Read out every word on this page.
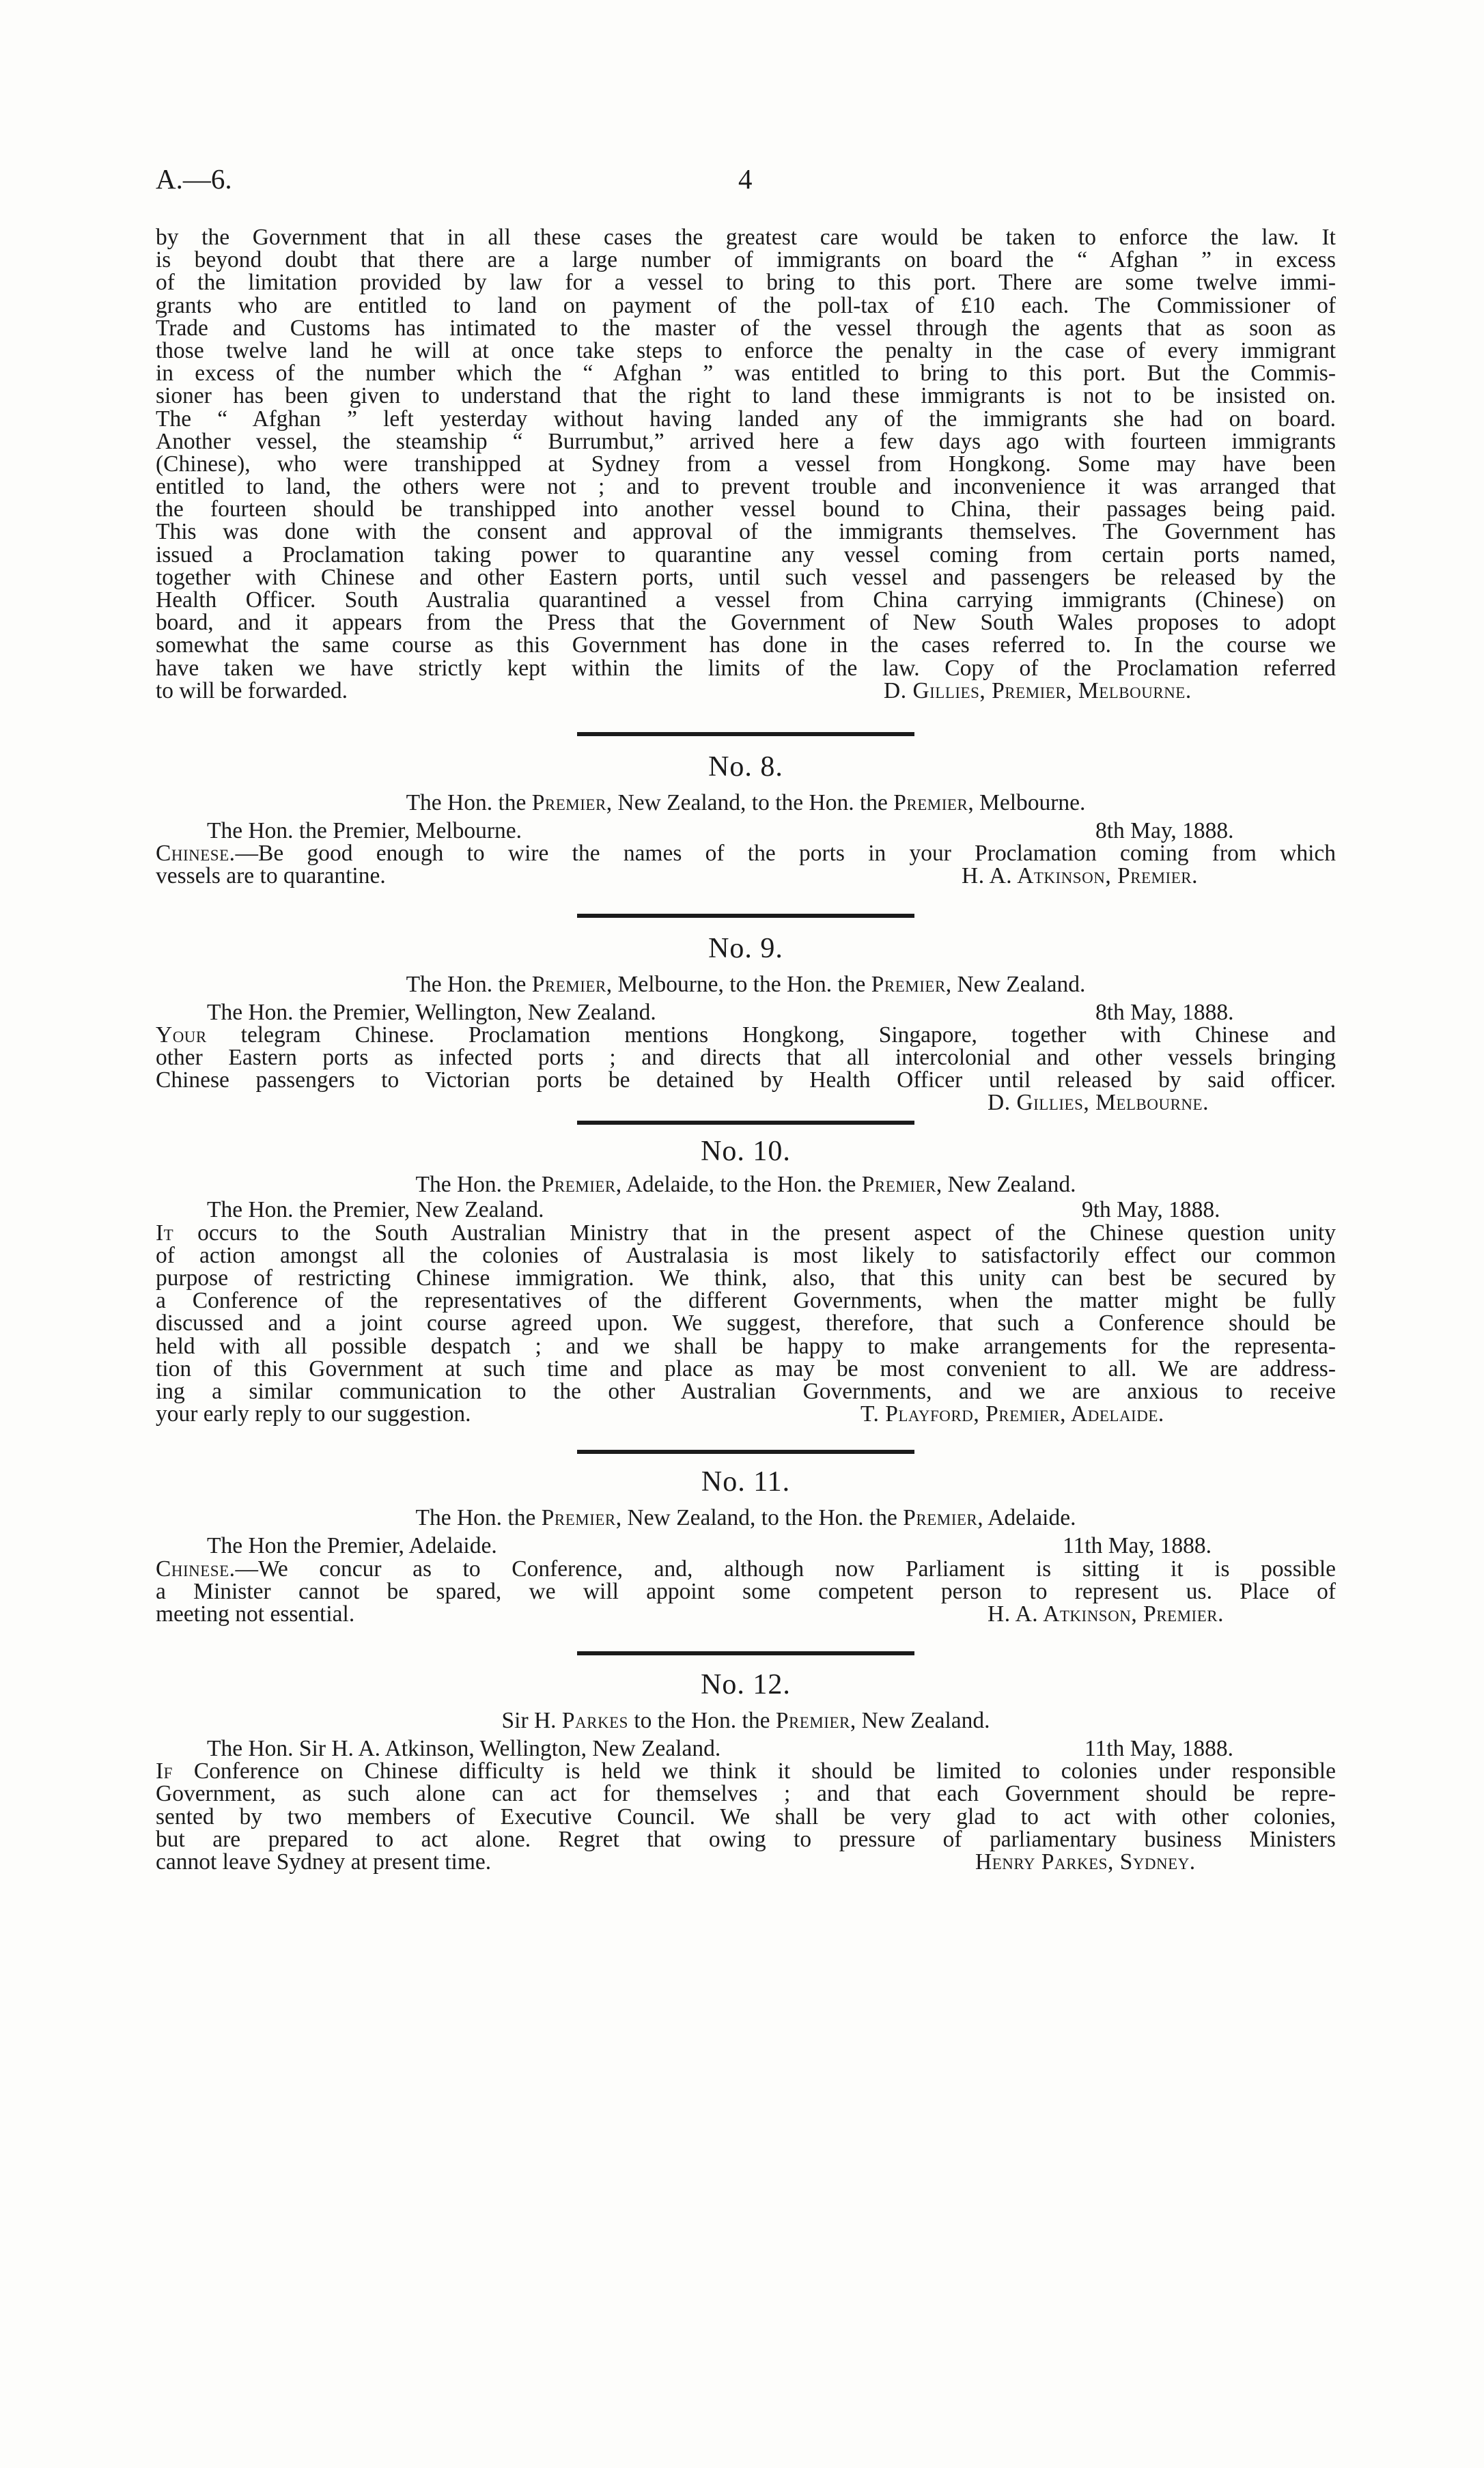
A.—6.	4

by the Government that in all these cases the greatest care would be taken to enforce the law. It

is beyond doubt that there are a large number of immigrants on board the “ Afghan ” in excess

of the limitation provided by law for a vessel to bring to this port. There are some twelve immi-

grants who are entitled to land on payment of the poll-tax of £10 each. The Commissioner of

Trade and Customs has intimated to the master of the vessel through the agents that as soon as

those twelve land he will at once take steps to enforce the penalty in the case of every immigrant

in excess of the number which the “ Afghan ” was entitled to bring to this port. But the Commis-

sioner has been given to understand that the right to land these immigrants is not to be insisted on.

The “ Afghan ” left yesterday without having landed any of the immigrants she had on board.

Another vessel, the steamship “ Burrumbut,” arrived here a few days ago with fourteen immigrants

(Chinese), who were transhipped at Sydney from a vessel from Hongkong. Some may have been

entitled to land, the others were not ; and to prevent trouble and inconvenience it was arranged that

the fourteen should be transhipped into another vessel bound to China, their passages being paid.

This was done with the consent and approval of the immigrants themselves. The Government has

issued a Proclamation taking power to quarantine any vessel coming from certain ports named,

together with Chinese and other Eastern ports, until such vessel and passengers be released by the

Health Officer. South Australia quarantined a vessel from China carrying immigrants (Chinese) on

board, and it appears from the Press that the Government of New South Wales proposes to adopt

somewhat the same course as this Government has done in the cases referred to. In the course we

have taken we have strictly kept within the limits of the law. Copy of the Proclamation referred

to will be forwarded.	D. Gillies, Premier, Melbourne.
No. 8.
The Hon. the Premier, New Zealand, to the Hon. the Premier, Melbourne.
The Hon. the Premier, Melbourne.	8th May, 1888.

Chinese.—Be good enough to wire the names of the ports in your Proclamation coming from which

vessels are to quarantine.	H. A. Atkinson, Premier.
No. 9.
The Hon. the Premier, Melbourne, to the Hon. the Premier, New Zealand.
The Hon. the Premier, Wellington, New Zealand.	8th May, 1888.

Your telegram Chinese. Proclamation mentions Hongkong, Singapore, together with Chinese and

other Eastern ports as infected ports ; and directs that all intercolonial and other vessels bringing

Chinese passengers to Victorian ports be detained by Health Officer until released by said officer.

D. Gillies, Melbourne.
No. 10.
The Hon. the Premier, Adelaide, to the Hon. the Premier, New Zealand.
The Hon. the Premier, New Zealand.	9th May, 1888.

It occurs to the South Australian Ministry that in the present aspect of the Chinese question unity

of action amongst all the colonies of Australasia is most likely to satisfactorily effect our common

purpose of restricting Chinese immigration. We think, also, that this unity can best be secured by

a Conference of the representatives of the different Governments, when the matter might be fully

discussed and a joint course agreed upon. We suggest, therefore, that such a Conference should be

held with all possible despatch ; and we shall be happy to make arrangements for the representa-

tion of this Government at such time and place as may be most convenient to all. We are address-

ing a similar communication to the other Australian Governments, and we are anxious to receive

your early reply to our suggestion.	T. Playford, Premier, Adelaide.
No. 11.
The Hon. the Premier, New Zealand, to the Hon. the Premier, Adelaide.
The Hon the Premier, Adelaide.	11th May, 1888.

Chinese.—We concur as to Conference, and, although now Parliament is sitting it is possible

a Minister cannot be spared, we will appoint some competent person to represent us. Place of

meeting not essential.	H. A. Atkinson, Premier.
No. 12.
Sir H. Parkes to the Hon. the Premier, New Zealand.
The Hon. Sir H. A. Atkinson, Wellington, New Zealand.	11th May, 1888.

If Conference on Chinese difficulty is held we think it should be limited to colonies under responsible

Government, as such alone can act for themselves ; and that each Government should be repre-

sented by two members of Executive Council. We shall be very glad to act with other colonies,

but are prepared to act alone. Regret that owing to pressure of parliamentary business Ministers

cannot leave Sydney at present time.	Henry Parkes, Sydney.
